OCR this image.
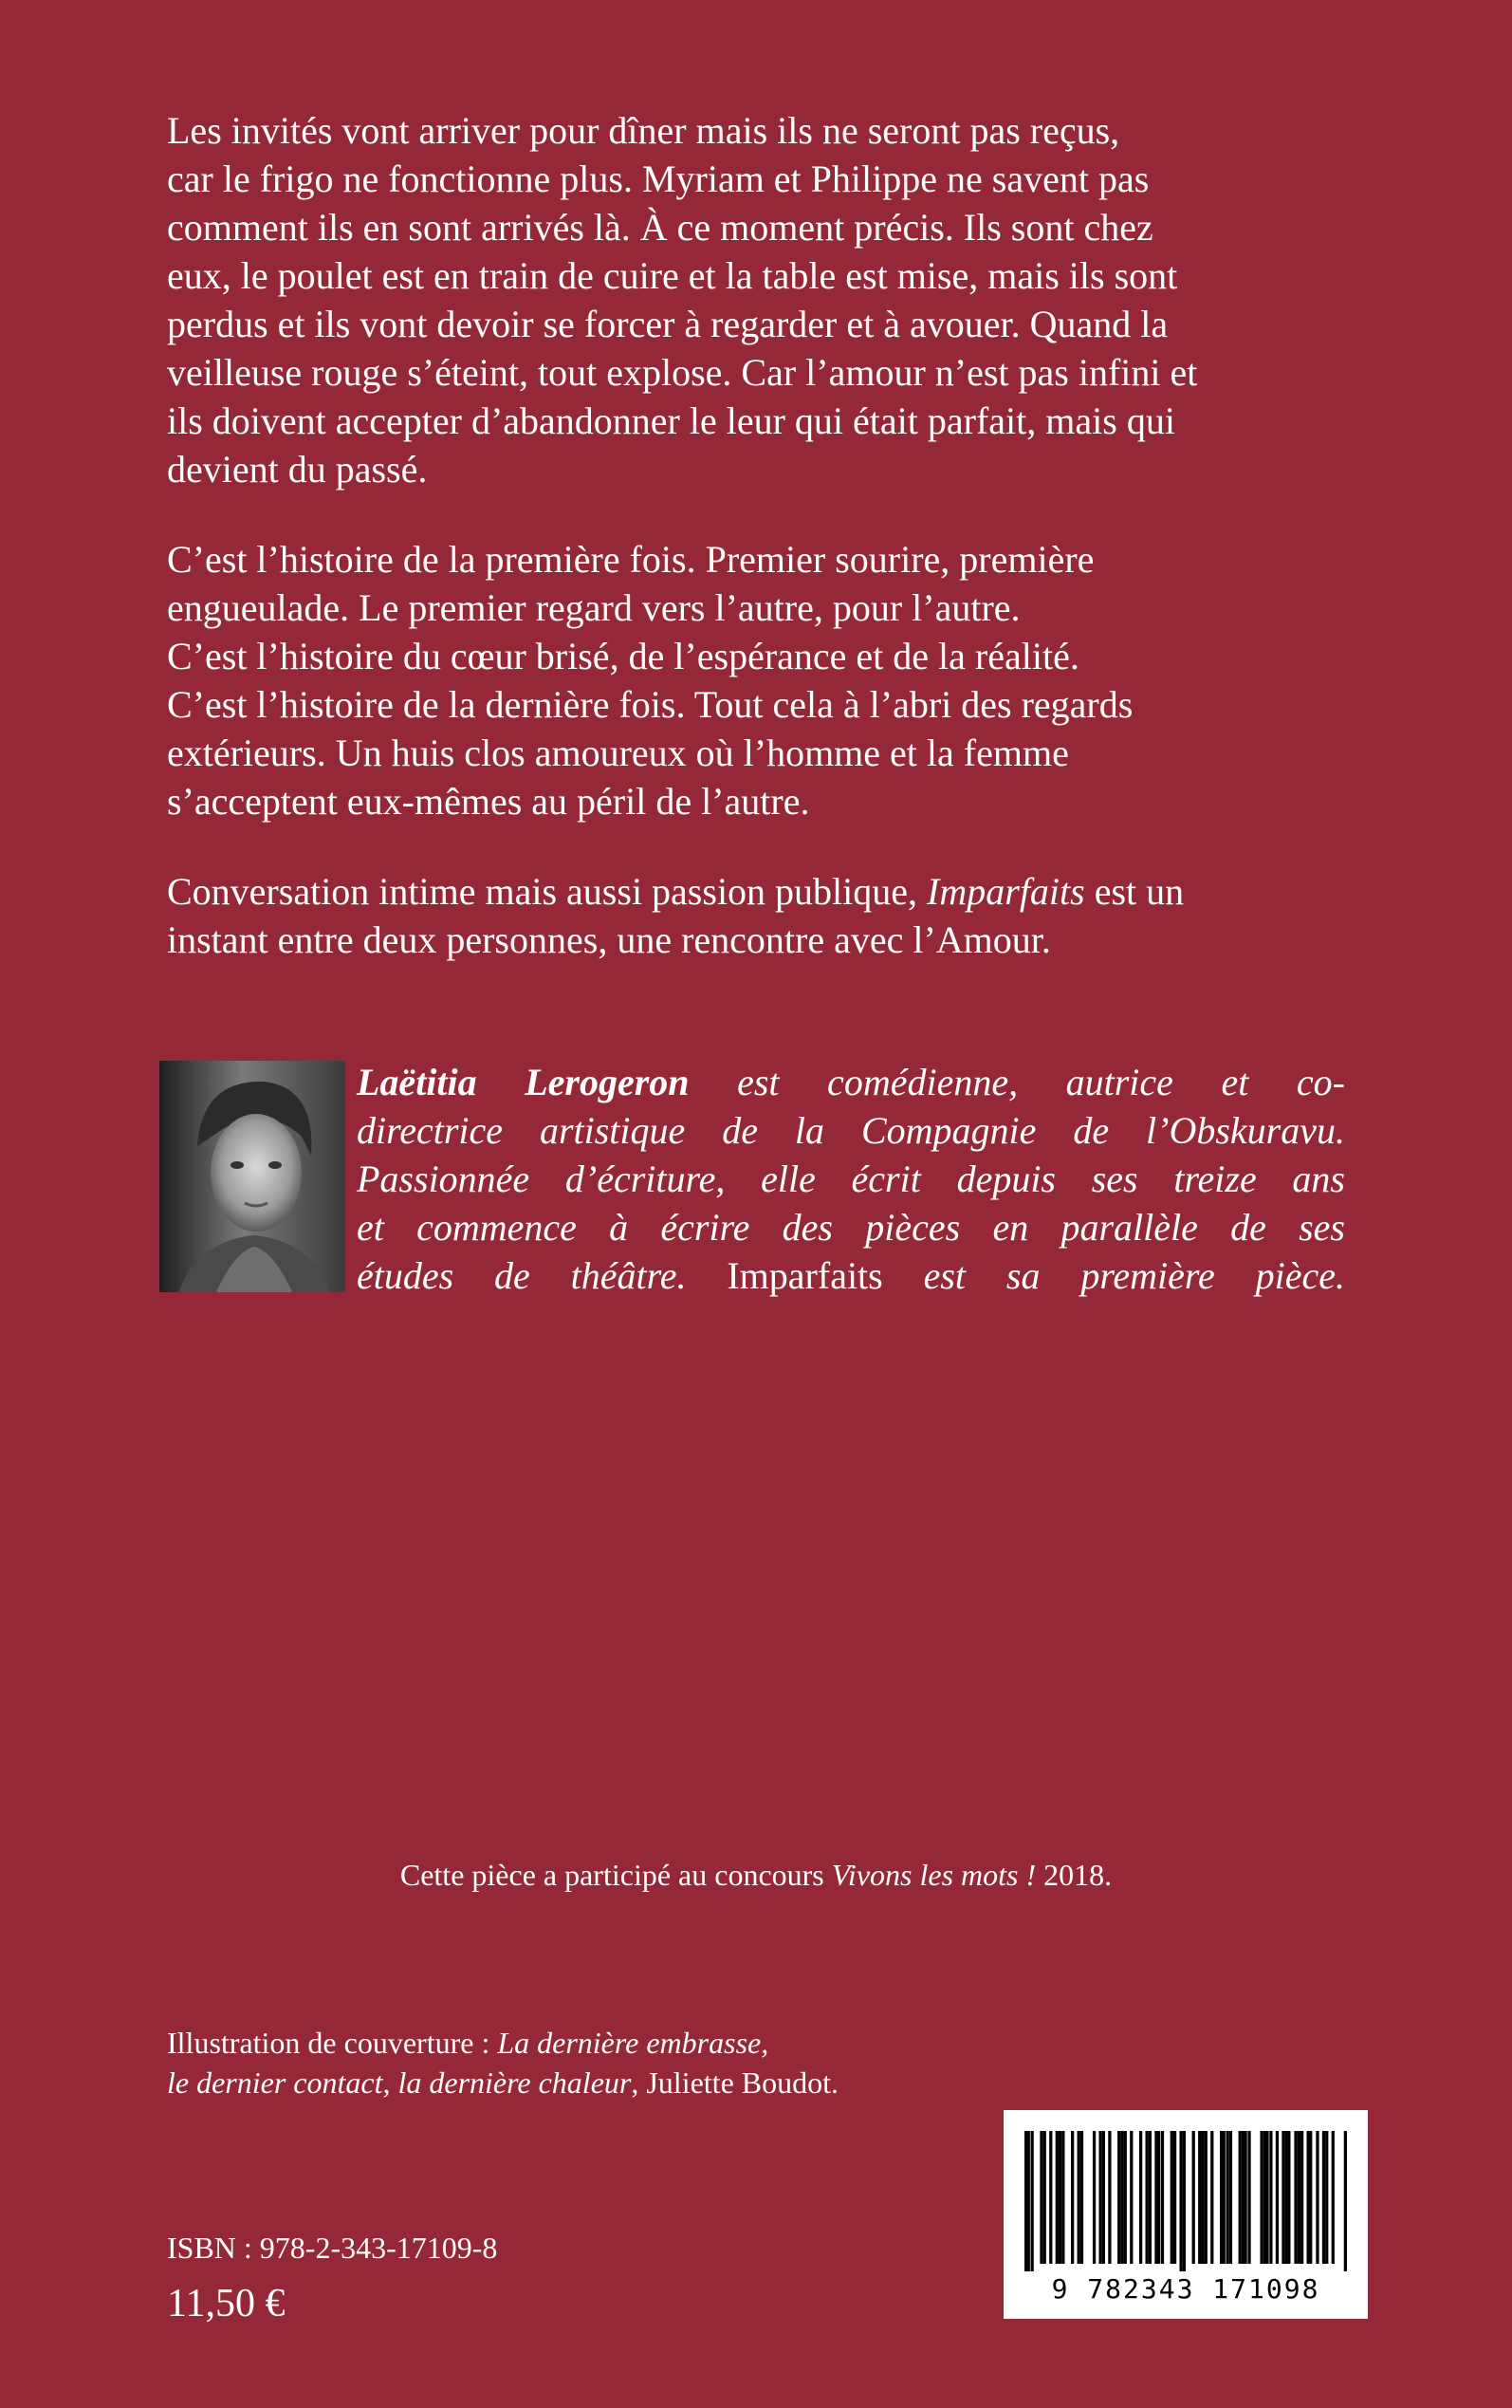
Les invités vont arriver pour dîner mais ils ne seront pas reçus,
car le frigo ne fonctionne plus. Myriam et Philippe ne savent pas
comment ils en sont arrivés là. À ce moment précis. Ils sont chez
eux, le poulet est en train de cuire et la table est mise, mais ils sont
perdus et ils vont devoir se forcer à regarder et à avouer. Quand la
veilleuse rouge s’éteint, tout explose. Car l’amour n’est pas infini et
ils doivent accepter d’abandonner le leur qui était parfait, mais qui
devient du passé.
C’est l’histoire de la première fois. Premier sourire, première
engueulade. Le premier regard vers l’autre, pour l’autre.
C’est l’histoire du cœur brisé, de l’espérance et de la réalité.
C’est l’histoire de la dernière fois. Tout cela à l’abri des regards
extérieurs. Un huis clos amoureux où l’homme et la femme
s’acceptent eux-mêmes au péril de l’autre.
Conversation intime mais aussi passion publique, Imparfaits est un
instant entre deux personnes, une rencontre avec l’Amour.
Laëtitia Lerogeron est comédienne, autrice et co-
directrice artistique de la Compagnie de l’Obskuravu.
Passionnée d’écriture, elle écrit depuis ses treize ans
et commence à écrire des pièces en parallèle de ses
études de théâtre. Imparfaits est sa première pièce.
Cette pièce a participé au concours Vivons les mots ! 2018.
Illustration de couverture : La dernière embrasse,
le dernier contact, la dernière chaleur, Juliette Boudot.
ISBN : 978-2-343-17109-8
11,50 €	9 782343 171098
